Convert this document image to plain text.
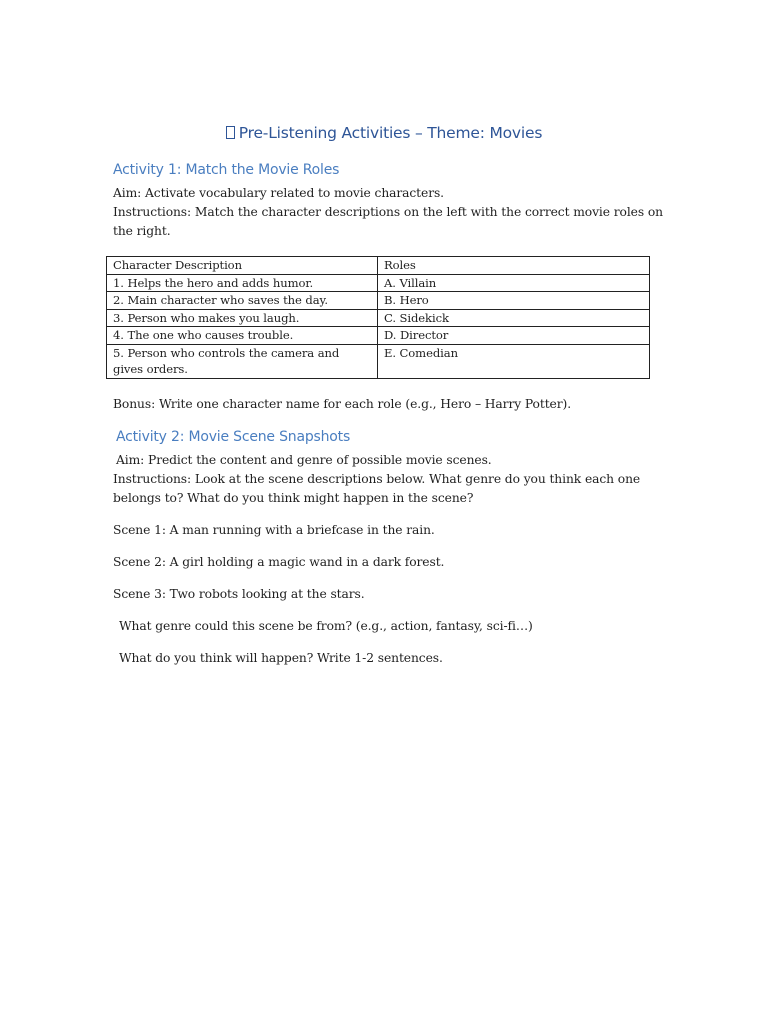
Pre-Listening Activities – Theme: Movies
Activity 1: Match the Movie Roles
Aim: Activate vocabulary related to movie characters.
Instructions: Match the character descriptions on the left with the correct movie roles on
the right.
Character Description	Roles
1. Helps the hero and adds humor.	A. Villain
2. Main character who saves the day.	B. Hero
3. Person who makes you laugh.	C. Sidekick
4. The one who causes trouble.	D. Director

5. Person who controls the camera and
gives orders.	E. Comedian
Bonus: Write one character name for each role (e.g., Hero – Harry Potter).
Activity 2: Movie Scene Snapshots
Aim: Predict the content and genre of possible movie scenes.
Instructions: Look at the scene descriptions below. What genre do you think each one
belongs to? What do you think might happen in the scene?
Scene 1: A man running with a briefcase in the rain.
Scene 2: A girl holding a magic wand in a dark forest.
Scene 3: Two robots looking at the stars.
What genre could this scene be from? (e.g., action, fantasy, sci-fi…)
What do you think will happen? Write 1-2 sentences.
